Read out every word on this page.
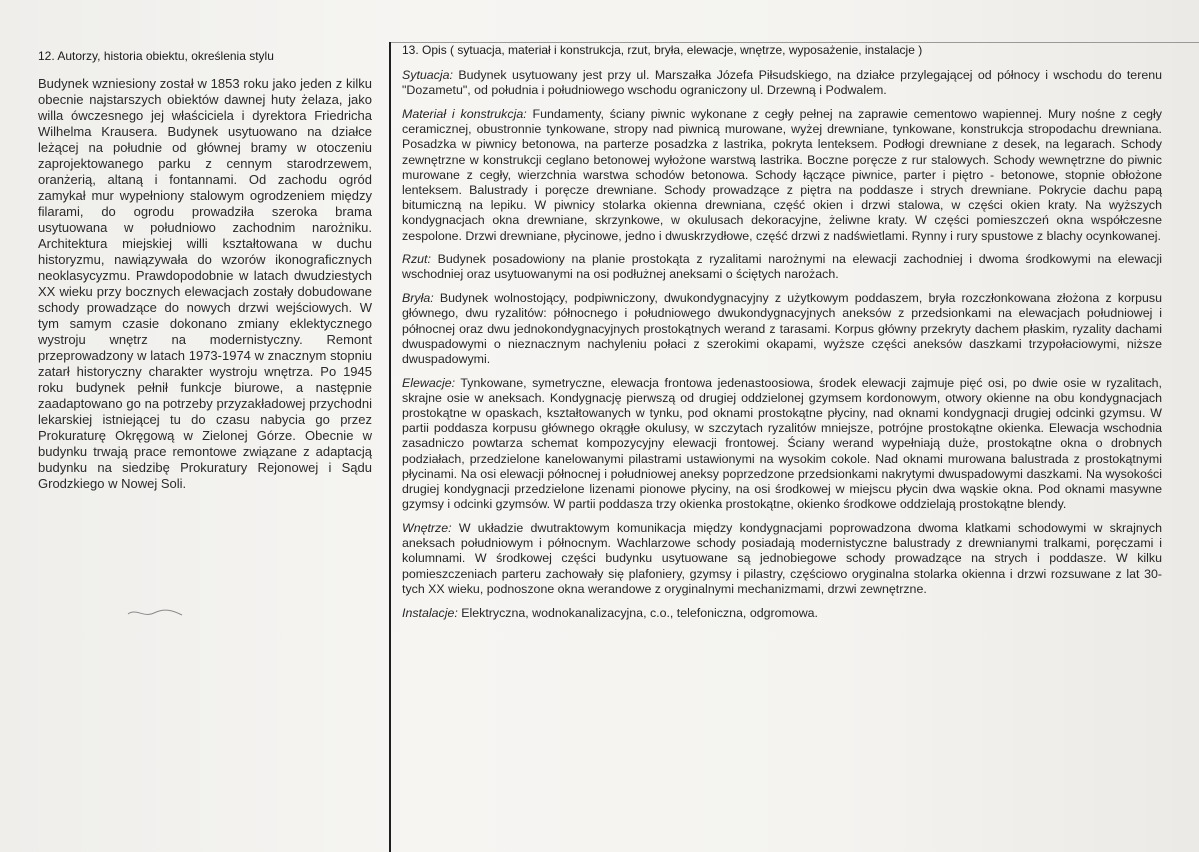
12. Autorzy, historia obiektu, określenia stylu

Budynek wzniesiony został w 1853 roku jako jeden z kilku obecnie najstarszych obiektów dawnej huty żelaza, jako willa ówczesnego jej właściciela i dyrektora Friedricha Wilhelma Krausera. Budynek usytuowano na działce leżącej na południe od głównej bramy w otoczeniu zaprojektowanego parku z cennym starodrzewem, oranżerią, altaną i fontannami. Od zachodu ogród zamykał mur wypełniony stalowym ogrodzeniem między filarami, do ogrodu prowadziła szeroka brama usytuowana w południowo zachodnim narożniku. Architektura miejskiej willi kształtowana w duchu historyzmu, nawiązywała do wzorów ikonograficznych neoklasycyzmu. Prawdopodobnie w latach dwudziestych XX wieku przy bocznych elewacjach zostały dobudowane schody prowadzące do nowych drzwi wejściowych. W tym samym czasie dokonano zmiany eklektycznego wystroju wnętrz na modernistyczny. Remont przeprowadzony w latach 1973-1974 w znacznym stopniu zatarł historyczny charakter wystroju wnętrza. Po 1945 roku budynek pełnił funkcje biurowe, a następnie zaadaptowano go na potrzeby przyzakładowej przychodni lekarskiej istniejącej tu do czasu nabycia go przez Prokuraturę Okręgową w Zielonej Górze. Obecnie w budynku trwają prace remontowe związane z adaptacją budynku na siedzibę Prokuratury Rejonowej i Sądu Grodzkiego w Nowej Soli.

13. Opis ( sytuacja, materiał i konstrukcja, rzut, bryła, elewacje, wnętrze, wyposażenie, instalacje )

Sytuacja: Budynek usytuowany jest przy ul. Marszałka Józefa Piłsudskiego, na działce przylegającej od północy i wschodu do terenu "Dozametu", od południa i południowego wschodu ograniczony ul. Drzewną i Podwalem.

Materiał i konstrukcja: Fundamenty, ściany piwnic wykonane z cegły pełnej na zaprawie cementowo wapiennej. Mury nośne z cegły ceramicznej, obustronnie tynkowane, stropy nad piwnicą murowane, wyżej drewniane, tynkowane, konstrukcja stropodachu drewniana. Posadzka w piwnicy betonowa, na parterze posadzka z lastrika, pokryta lenteksem. Podłogi drewniane z desek, na legarach. Schody zewnętrzne w konstrukcji ceglano betonowej wyłożone warstwą lastrika. Boczne poręcze z rur stalowych. Schody wewnętrzne do piwnic murowane z cegły, wierzchnia warstwa schodów betonowa. Schody łączące piwnice, parter i piętro - betonowe, stopnie obłożone lenteksem. Balustrady i poręcze drewniane. Schody prowadzące z piętra na poddasze i strych drewniane. Pokrycie dachu papą bitumiczną na lepiku. W piwnicy stolarka okienna drewniana, część okien i drzwi stalowa, w części okien kraty. Na wyższych kondygnacjach okna drewniane, skrzynkowe, w okulusach dekoracyjne, żeliwne kraty. W części pomieszczeń okna współczesne zespolone. Drzwi drewniane, płycinowe, jedno i dwuskrzydłowe, część drzwi z nadświetlami. Rynny i rury spustowe z blachy ocynkowanej.

Rzut: Budynek posadowiony na planie prostokąta z ryzalitami narożnymi na elewacji zachodniej i dwoma środkowymi na elewacji wschodniej oraz usytuowanymi na osi podłużnej aneksami o ściętych narożach.

Bryła: Budynek wolnostojący, podpiwniczony, dwukondygnacyjny z użytkowym poddaszem, bryła rozczłonkowana złożona z korpusu głównego, dwu ryzalitów: północnego i południowego dwukondygnacyjnych aneksów z przedsionkami na elewacjach południowej i północnej oraz dwu jednokondygnacyjnych prostokątnych werand z tarasami. Korpus główny przekryty dachem płaskim, ryzality dachami dwuspadowymi o nieznacznym nachyleniu połaci z szerokimi okapami, wyższe części aneksów daszkami trzypołaciowymi, niższe dwuspadowymi.

Elewacje: Tynkowane, symetryczne, elewacja frontowa jedenastoosiowa, środek elewacji zajmuje pięć osi, po dwie osie w ryzalitach, skrajne osie w aneksach. Kondygnację pierwszą od drugiej oddzielonej gzymsem kordonowym, otwory okienne na obu kondygnacjach prostokątne w opaskach, kształtowanych w tynku, pod oknami prostokątne płyciny, nad oknami kondygnacji drugiej odcinki gzymsu. W partii poddasza korpusu głównego okrągłe okulusy, w szczytach ryzalitów mniejsze, potrójne prostokątne okienka. Elewacja wschodnia zasadniczo powtarza schemat kompozycyjny elewacji frontowej. Ściany werand wypełniają duże, prostokątne okna o drobnych podziałach, przedzielone kanelowanymi pilastrami ustawionymi na wysokim cokole. Nad oknami murowana balustrada z prostokątnymi płycinami. Na osi elewacji północnej i południowej aneksy poprzedzone przedsionkami nakrytymi dwuspadowymi daszkami. Na wysokości drugiej kondygnacji przedzielone lizenami pionowe płyciny, na osi środkowej w miejscu płycin dwa wąskie okna. Pod oknami masywne gzymsy i odcinki gzymsów. W partii poddasza trzy okienka prostokątne, okienko środkowe oddzielają prostokątne blendy.

Wnętrze: W układzie dwutraktowym komunikacja między kondygnacjami poprowadzona dwoma klatkami schodowymi w skrajnych aneksach południowym i północnym. Wachlarzowe schody posiadają modernistyczne balustrady z drewnianymi tralkami, poręczami i kolumnami. W środkowej części budynku usytuowane są jednobiegowe schody prowadzące na strych i poddasze. W kilku pomieszczeniach parteru zachowały się plafoniery, gzymsy i pilastry, częściowo oryginalna stolarka okienna i drzwi rozsuwane z lat 30-tych XX wieku, podnoszone okna werandowe z oryginalnymi mechanizmami, drzwi zewnętrzne.

Instalacje: Elektryczna, wodnokanalizacyjna, c.o., telefoniczna, odgromowa.
